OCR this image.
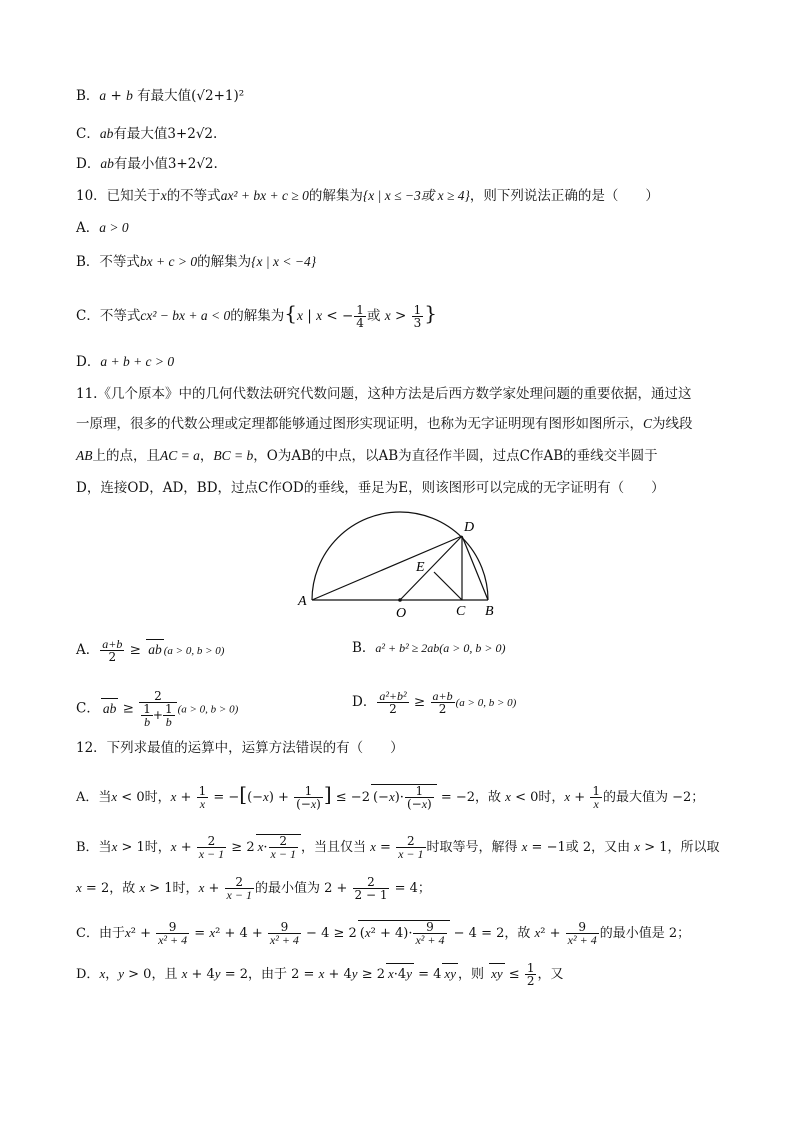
B．a + b 有最大值(√2+1)²
C．ab有最大值3+2√2.
D．ab有最小值3+2√2.
10．已知关于x的不等式ax² + bx + c ≥ 0的解集为{x | x ≤ −3或 x ≥ 4}，则下列说法正确的是（　　）
A．a > 0
B．不等式bx + c > 0的解集为{x | x < −4}
C．不等式cx² − bx + a < 0的解集为{x | x < − $\frac{1}{4}$ 或 $x > \frac{1}{3}$ }
D．a + b + c > 0
11.《几个原本》中的几何代数法研究代数问题，这种方法是后西方数学家处理问题的重要依据，通过这
一原理，很多的代数公理或定理都能够通过图形实现证明，也称为无字证明现有图形如图所示，C为线段
AB上的点，且AC = a，BC = b，O为AB的中点，以AB为直径作半圆，过点C作AB的垂线交半圆于
D，连接OD，AD，BD，过点C作OD的垂线，垂足为E，则该图形可以完成的无字证明有（　　）
A
O	C B
D
E
A． $\frac{a+b}{2}$ ≥ ab (a > 0, b > 0)	B．a² + b² ≥ 2ab(a > 0, b > 0)
C． ab ≥ $\frac{2}{\frac{1}{b} + \frac{1}{b}} (a > 0$, b > 0)	D． $\frac{\text{a²+b²}}{2} \ge \frac{a+b}{2} (a > 0$, b > 0)
12．下列求最值的运算中，运算方法错误的有（　　）
A．当x < 0时，$x + \frac{1}{x} = -[(-x) + \frac{1}{(-x)}$ ] ≤ −2 $(-x)\cdot \frac{1}{(-x)} = -2$，故 x < 0时，$x + \frac{1}{x}$ 的最大值为 −2；
B．当x > 1时，$x + \frac{2}{x - 1} \ge 2$ $x\cdot \frac{2}{x - 1}$ ，当且仅当 $x = \frac{2}{x - 1}$ 时取等号，解得 x = −1或 2，又由 x > 1，所以取
x = 2，故 x > 1时，$x + \frac{2}{x - 1}$ 的最小值为 $2 + \frac{2}{2 - 1} = 4$；
C．由于$x^2 + \frac{9}{\text{x² + 4}} = x^2 + 4 + \frac{9}{\text{x² + 4}} - 4 \ge 2$ $(x^2 + 4)\cdot \frac{9}{\text{x² + 4}} - 4 = 2$，故 $x^2 + \frac{9}{\text{x² + 4}}$ 的最小值是 2；
D．x，y > 0，且 x + 4y = 2，由于 2 = x + 4y ≥ 2 x·4y = 4 xy ，则 xy ≤ $\frac{1}{2}$ ，又
